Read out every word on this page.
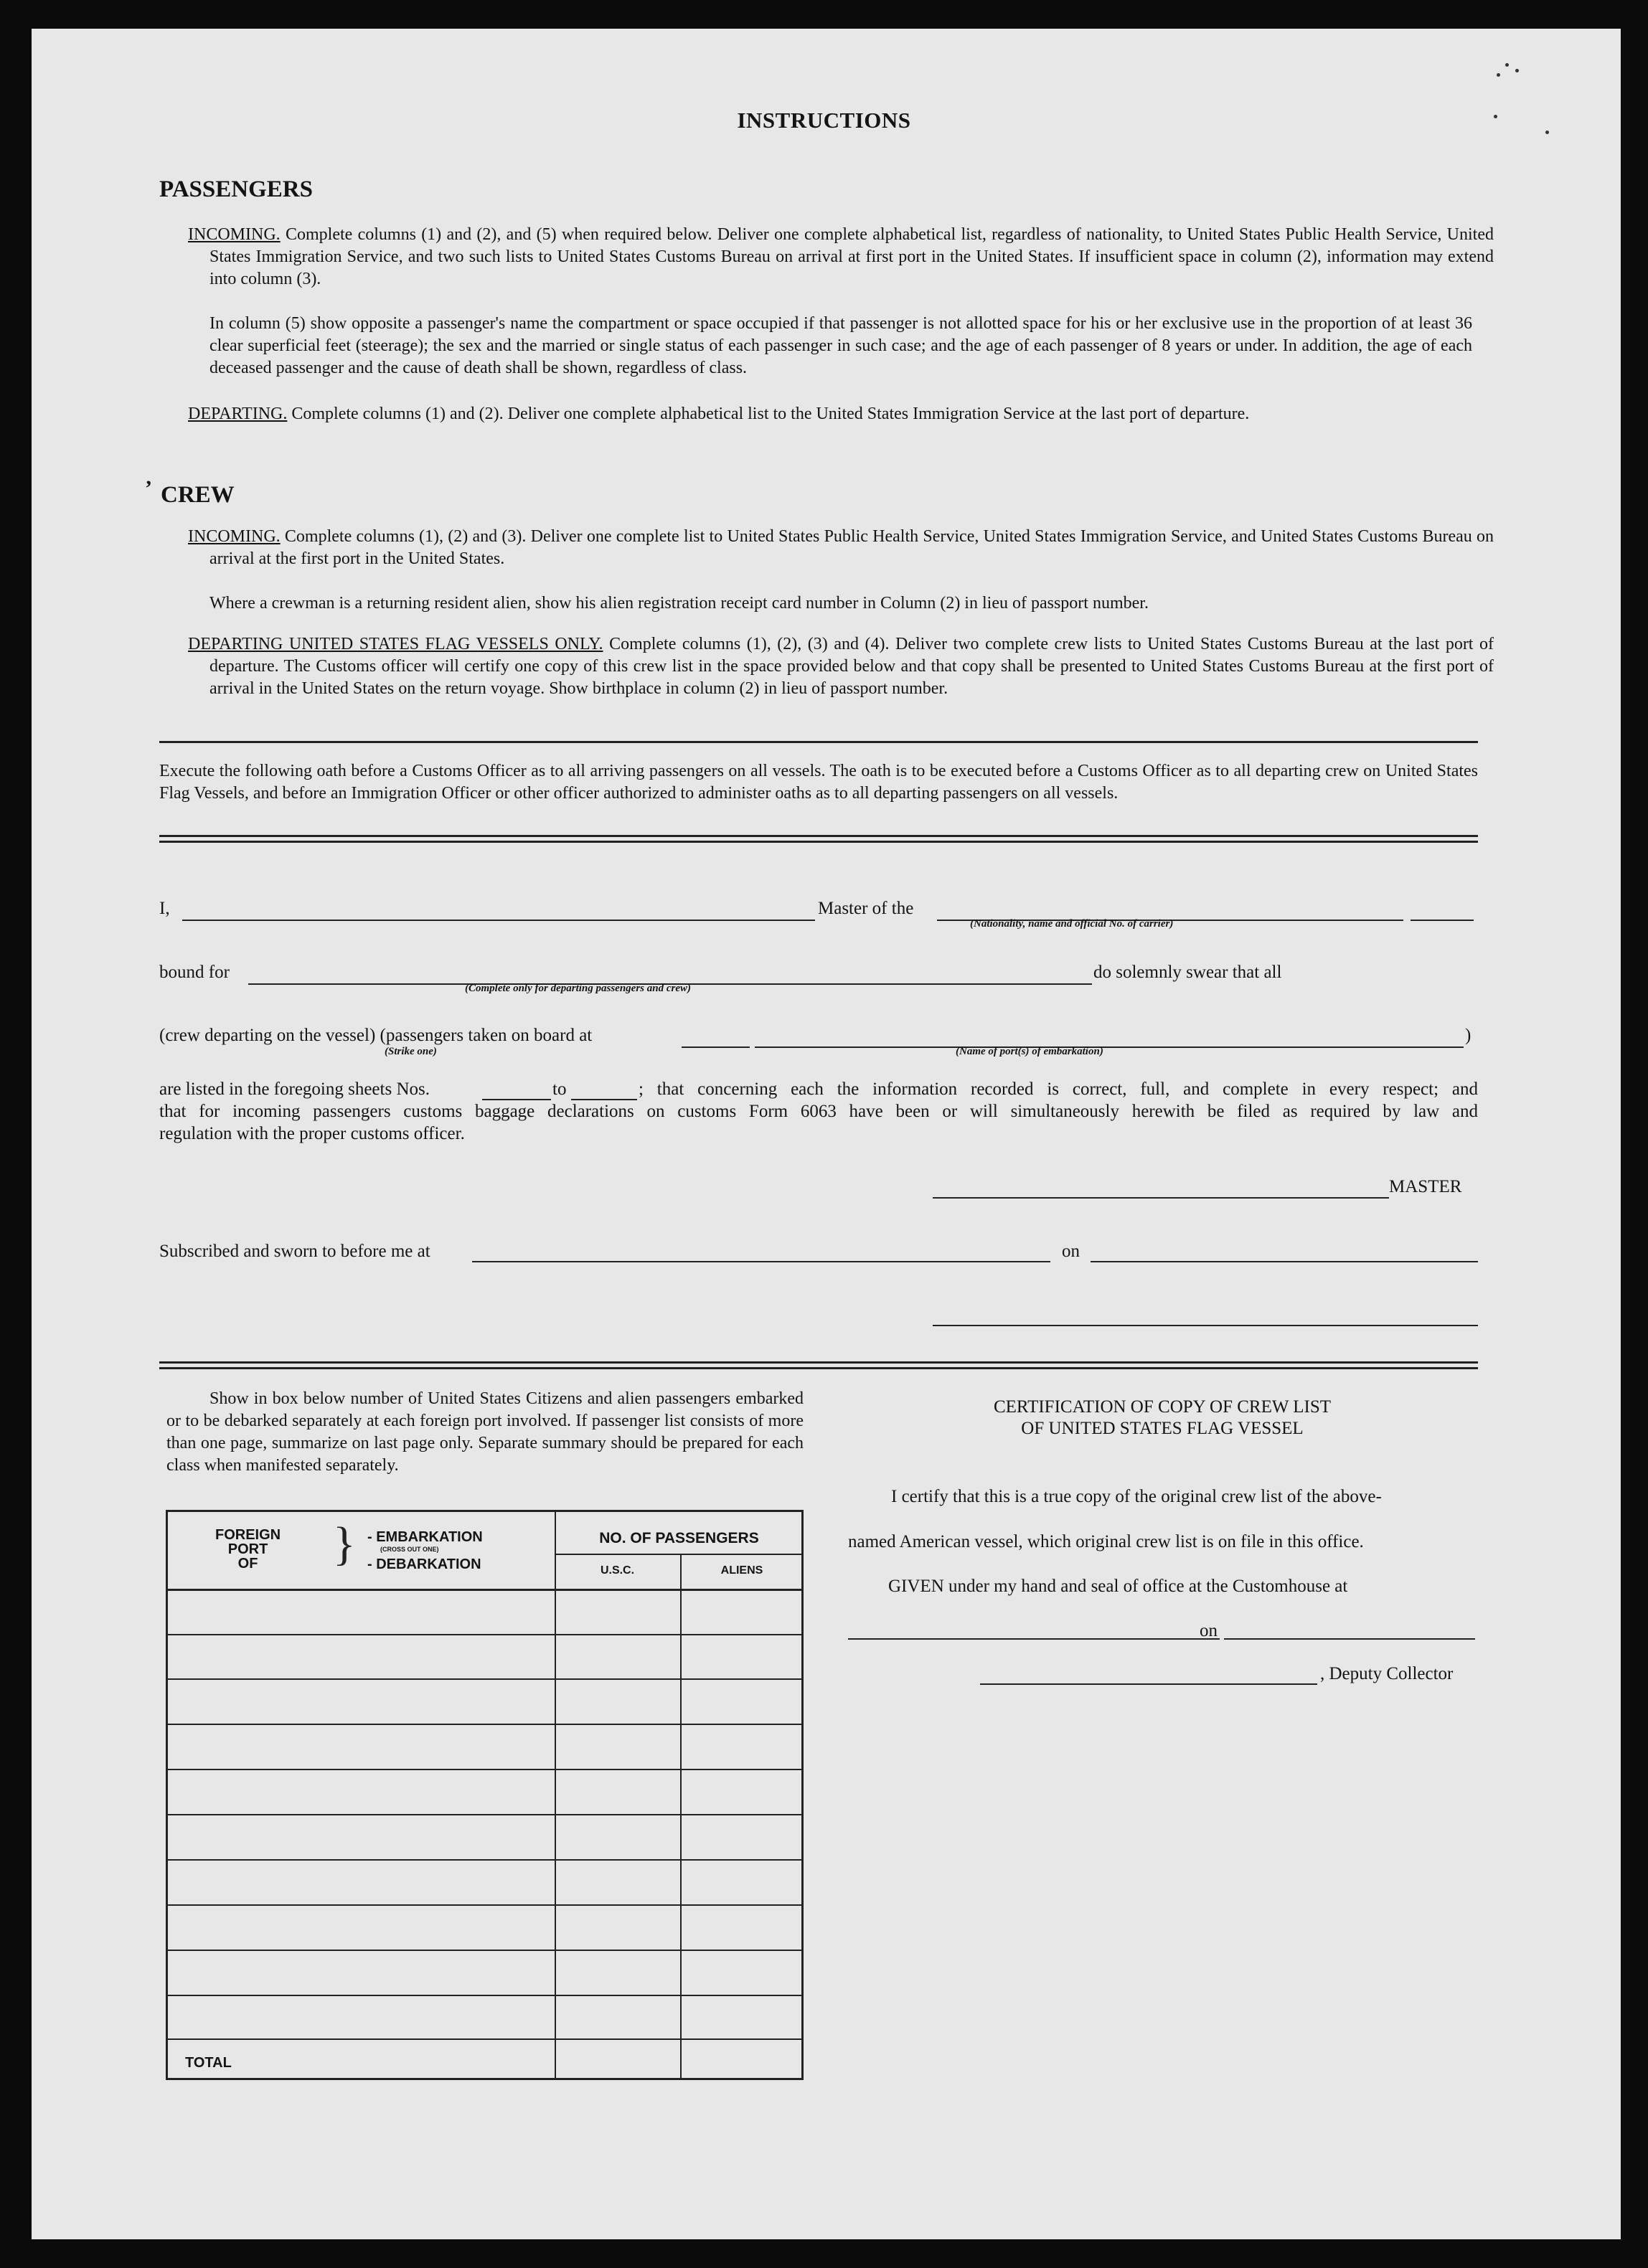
INSTRUCTIONS
PASSENGERS
INCOMING. Complete columns (1) and (2), and (5) when required below. Deliver one complete alphabetical list, regardless of nationality, to United States Public Health Service, United States Immigration Service, and two such lists to United States Customs Bureau on arrival at first port in the United States. If insufficient space in column (2), information may extend into column (3).
In column (5) show opposite a passenger's name the compartment or space occupied if that passenger is not allotted space for his or her exclusive use in the proportion of at least 36 clear superficial feet (steerage); the sex and the married or single status of each passenger in such case; and the age of each passenger of 8 years or under. In addition, the age of each deceased passenger and the cause of death shall be shown, regardless of class.
DEPARTING. Complete columns (1) and (2). Deliver one complete alphabetical list to the United States Immigration Service at the last port of departure.
’ CREW
INCOMING. Complete columns (1), (2) and (3). Deliver one complete list to United States Public Health Service, United States Immigration Service, and United States Customs Bureau on arrival at the first port in the United States.
Where a crewman is a returning resident alien, show his alien registration receipt card number in Column (2) in lieu of passport number.
DEPARTING UNITED STATES FLAG VESSELS ONLY. Complete columns (1), (2), (3) and (4). Deliver two complete crew lists to United States Customs Bureau at the last port of departure. The Customs officer will certify one copy of this crew list in the space provided below and that copy shall be presented to United States Customs Bureau at the first port of arrival in the United States on the return voyage. Show birthplace in column (2) in lieu of passport number.
Execute the following oath before a Customs Officer as to all arriving passengers on all vessels. The oath is to be executed before a Customs Officer as to all departing crew on United States Flag Vessels, and before an Immigration Officer or other officer authorized to administer oaths as to all departing passengers on all vessels.
I,	Master of the
(Nationality, name and official No. of carrier)
bound for	do solemnly swear that all
(Complete only for departing passengers and crew)
(crew departing on the vessel) (passengers taken on board at	)
(Strike one)	(Name of port(s) of embarkation)
are listed in the foregoing sheets Nos.	to	; that concerning each the information recorded is correct, full, and complete in every respect; and
that for incoming passengers customs baggage declarations on customs Form 6063 have been or will simultaneously herewith be filed as required by law and
regulation with the proper customs officer.
MASTER
Subscribed and sworn to before me at	on
Show in box below number of United States Citizens and alien passengers embarked or to be debarked separately at each foreign port involved. If passenger list consists of more than one page, summarize on last page only. Separate summary should be prepared for each class when manifested separately.
FOREIGN
PORT
OF	} - EMBARKATION
(CROSS OUT ONE)
- DEBARKATION
NO. OF PASSENGERS
U.S.C.	ALIENS
TOTAL
CERTIFICATION OF COPY OF CREW LIST
OF UNITED STATES FLAG VESSEL
I certify that this is a true copy of the original crew list of the above-
named American vessel, which original crew list is on file in this office.
GIVEN under my hand and seal of office at the Customhouse at
on
, Deputy Collector
